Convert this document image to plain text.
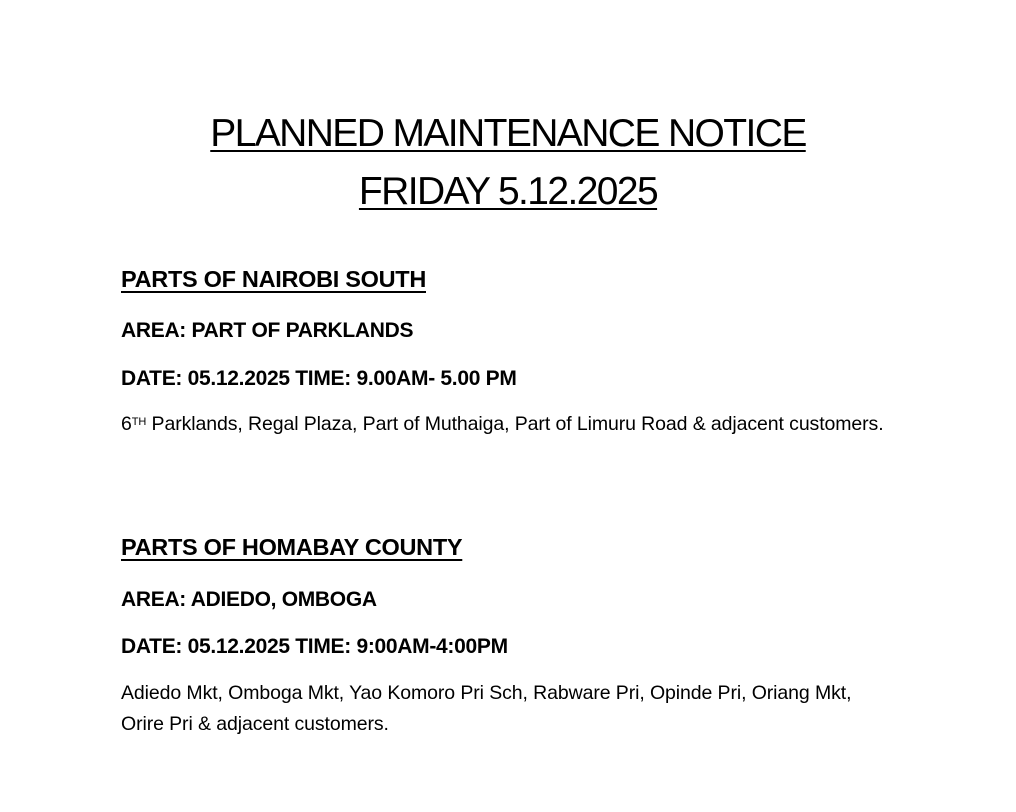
PLANNED MAINTENANCE NOTICE
FRIDAY 5.12.2025
PARTS OF NAIROBI SOUTH
AREA: PART OF PARKLANDS
DATE: 05.12.2025 TIME: 9.00AM- 5.00 PM
6TH Parklands, Regal Plaza, Part of Muthaiga, Part of Limuru Road & adjacent customers.
PARTS OF HOMABAY COUNTY
AREA: ADIEDO, OMBOGA
DATE: 05.12.2025 TIME: 9:00AM-4:00PM
Adiedo Mkt, Omboga Mkt, Yao Komoro Pri Sch, Rabware Pri, Opinde Pri, Oriang Mkt, Orire Pri & adjacent customers.
